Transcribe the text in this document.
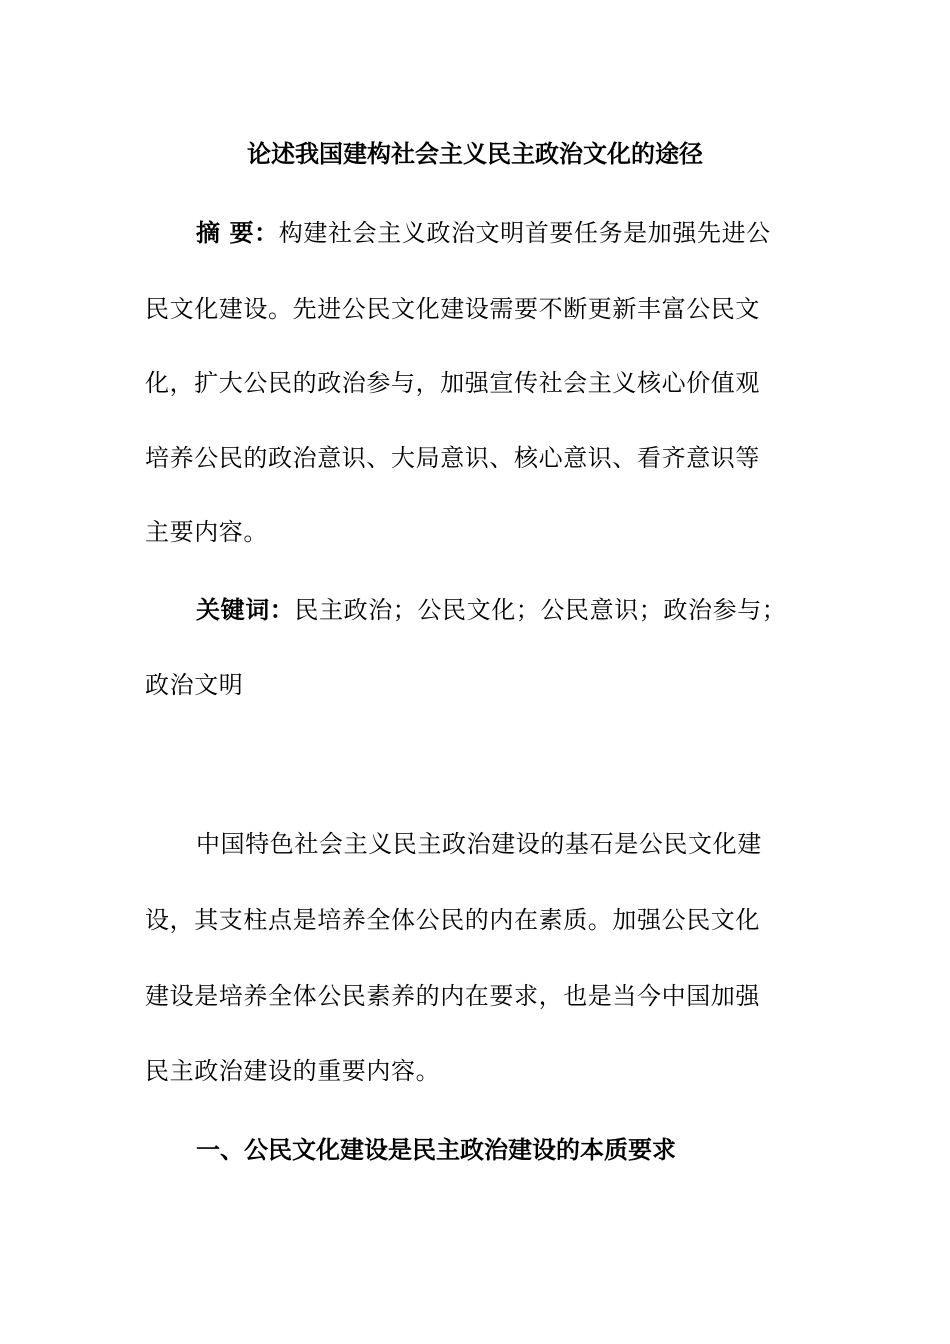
论述我国建构社会主义民主政治文化的途径
摘 要：构建社会主义政治文明首要任务是加强先进公
民文化建设。先进公民文化建设需要不断更新丰富公民文
化，扩大公民的政治参与，加强宣传社会主义核心价值观
培养公民的政治意识、大局意识、核心意识、看齐意识等
主要内容。
关键词：民主政治；公民文化；公民意识；政治参与；
政治文明
中国特色社会主义民主政治建设的基石是公民文化建
设，其支柱点是培养全体公民的内在素质。加强公民文化
建设是培养全体公民素养的内在要求，也是当今中国加强
民主政治建设的重要内容。
一、公民文化建设是民主政治建设的本质要求
